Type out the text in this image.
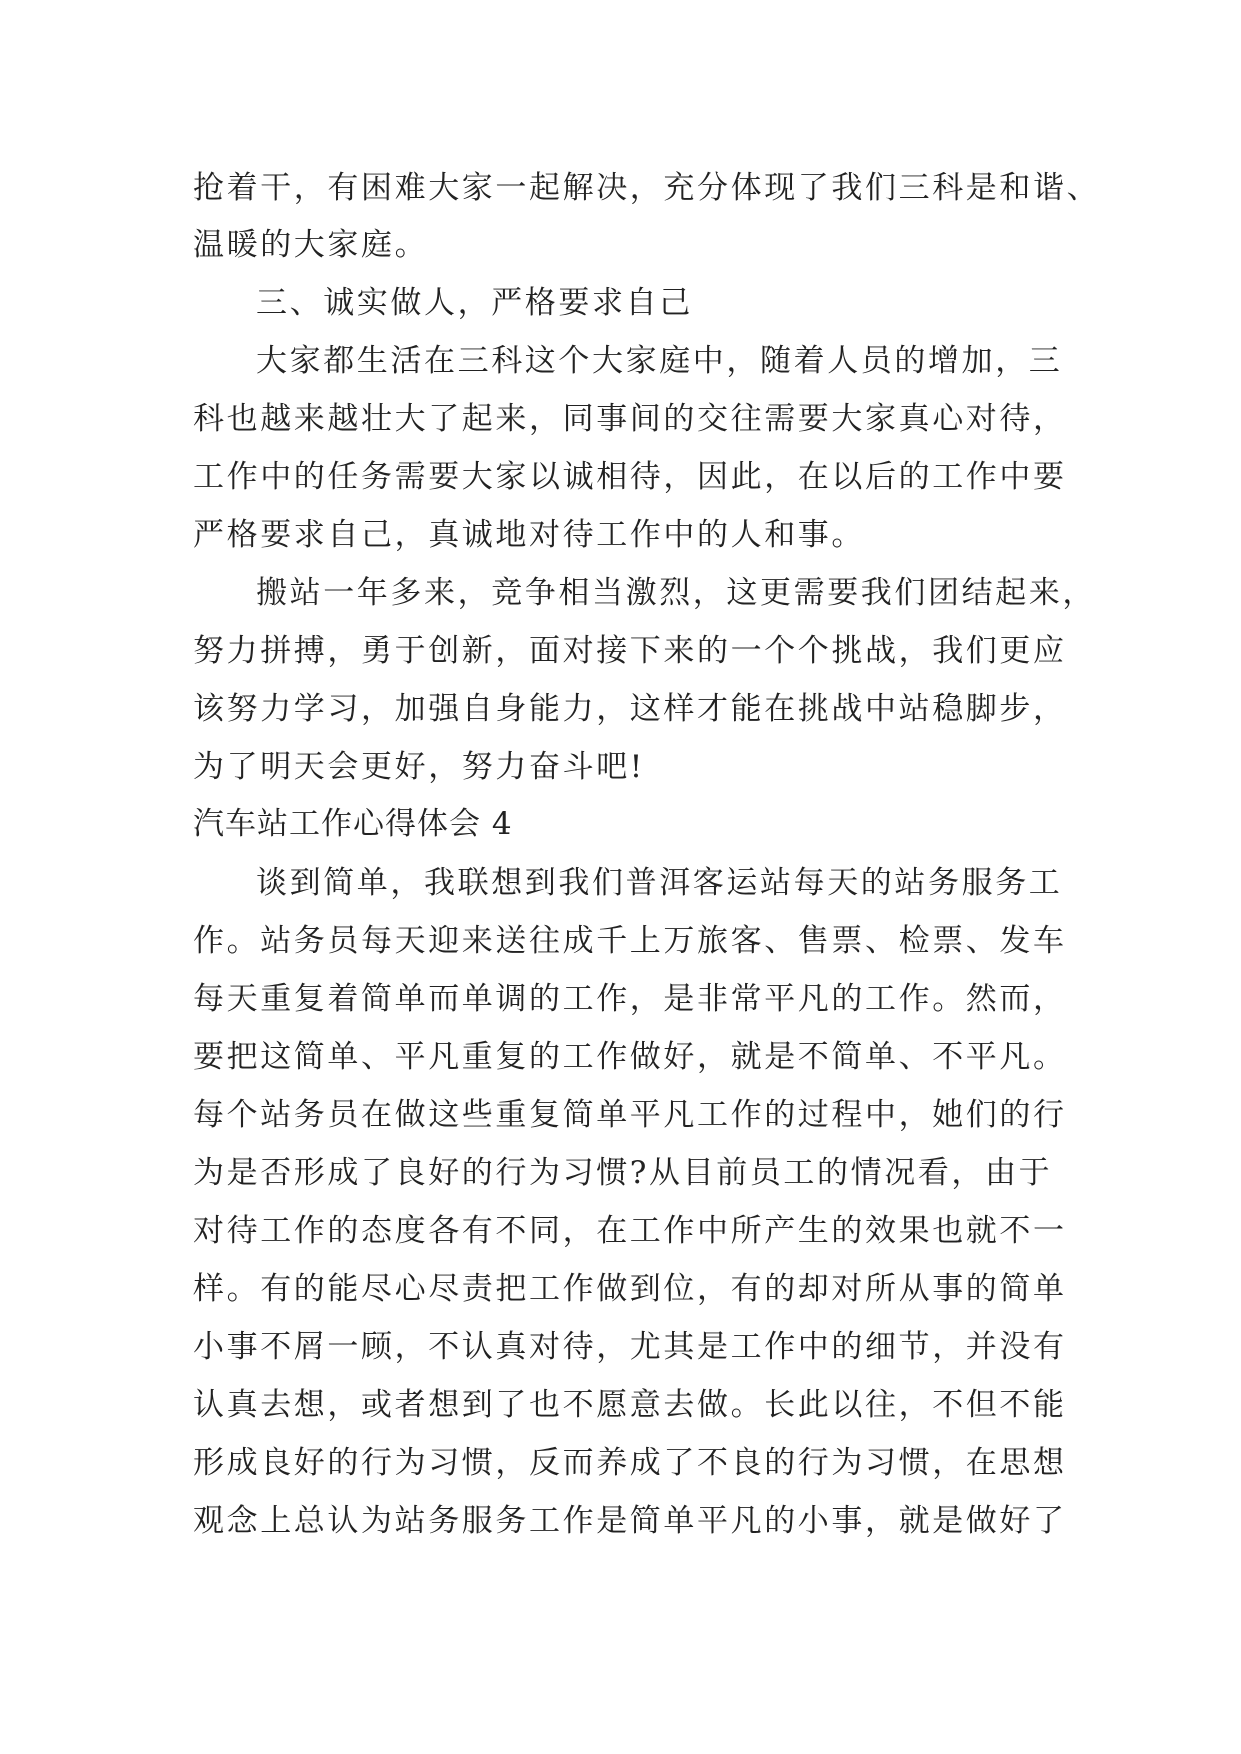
抢着干，有困难大家一起解决，充分体现了我们三科是和谐、
温暖的大家庭。
三、诚实做人，严格要求自己
大家都生活在三科这个大家庭中，随着人员的增加，三
科也越来越壮大了起来，同事间的交往需要大家真心对待，
工作中的任务需要大家以诚相待，因此，在以后的工作中要
严格要求自己，真诚地对待工作中的人和事。
搬站一年多来，竞争相当激烈，这更需要我们团结起来，
努力拼搏，勇于创新，面对接下来的一个个挑战，我们更应
该努力学习，加强自身能力，这样才能在挑战中站稳脚步，
为了明天会更好，努力奋斗吧!
汽车站工作心得体会 4
谈到简单，我联想到我们普洱客运站每天的站务服务工
作。站务员每天迎来送往成千上万旅客、售票、检票、发车
每天重复着简单而单调的工作，是非常平凡的工作。然而，
要把这简单、平凡重复的工作做好，就是不简单、不平凡。
每个站务员在做这些重复简单平凡工作的过程中，她们的行
为是否形成了良好的行为习惯?从目前员工的情况看，由于
对待工作的态度各有不同，在工作中所产生的效果也就不一
样。有的能尽心尽责把工作做到位，有的却对所从事的简单
小事不屑一顾，不认真对待，尤其是工作中的细节，并没有
认真去想，或者想到了也不愿意去做。长此以往，不但不能
形成良好的行为习惯，反而养成了不良的行为习惯，在思想
观念上总认为站务服务工作是简单平凡的小事，就是做好了
